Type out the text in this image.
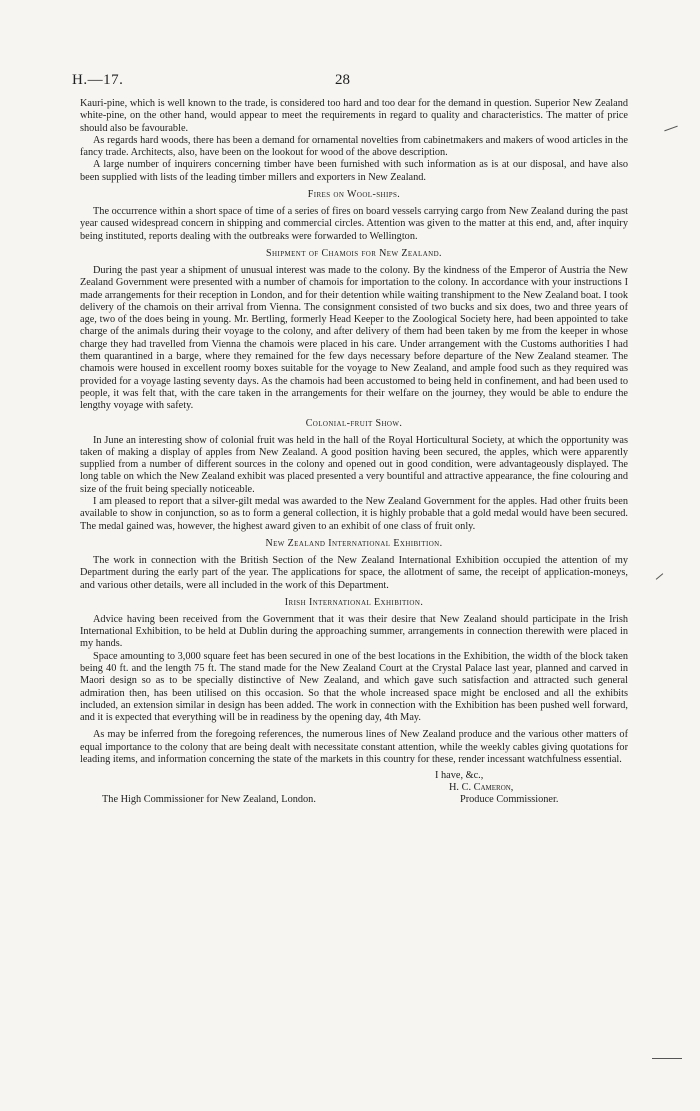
H.—17.	28

Kauri-pine, which is well known to the trade, is considered too hard and too dear for the demand in question. Superior New Zealand white-pine, on the other hand, would appear to meet the requirements in regard to quality and characteristics. The matter of price should also be favourable.

As regards hard woods, there has been a demand for ornamental novelties from cabinetmakers and makers of wood articles in the fancy trade. Architects, also, have been on the lookout for wood of the above description.

A large number of inquirers concerning timber have been furnished with such information as is at our disposal, and have also been supplied with lists of the leading timber millers and exporters in New Zealand.

Fires on Wool-ships.

The occurrence within a short space of time of a series of fires on board vessels carrying cargo from New Zealand during the past year caused widespread concern in shipping and commercial circles. Attention was given to the matter at this end, and, after inquiry being instituted, reports dealing with the outbreaks were forwarded to Wellington.

Shipment of Chamois for New Zealand.

During the past year a shipment of unusual interest was made to the colony. By the kindness of the Emperor of Austria the New Zealand Government were presented with a number of chamois for importation to the colony. In accordance with your instructions I made arrangements for their reception in London, and for their detention while waiting transhipment to the New Zealand boat. I took delivery of the chamois on their arrival from Vienna. The consignment consisted of two bucks and six does, two and three years of age, two of the does being in young. Mr. Bertling, formerly Head Keeper to the Zoological Society here, had been appointed to take charge of the animals during their voyage to the colony, and after delivery of them had been taken by me from the keeper in whose charge they had travelled from Vienna the chamois were placed in his care. Under arrangement with the Customs authorities I had them quarantined in a barge, where they remained for the few days necessary before departure of the New Zealand steamer. The chamois were housed in excellent roomy boxes suitable for the voyage to New Zealand, and ample food such as they required was provided for a voyage lasting seventy days. As the chamois had been accustomed to being held in confinement, and had been used to people, it was felt that, with the care taken in the arrangements for their welfare on the journey, they would be able to endure the lengthy voyage with safety.

Colonial-fruit Show.

In June an interesting show of colonial fruit was held in the hall of the Royal Horticultural Society, at which the opportunity was taken of making a display of apples from New Zealand. A good position having been secured, the apples, which were apparently supplied from a number of different sources in the colony and opened out in good condition, were advantageously displayed. The long table on which the New Zealand exhibit was placed presented a very bountiful and attractive appearance, the fine colouring and size of the fruit being specially noticeable.

I am pleased to report that a silver-gilt medal was awarded to the New Zealand Government for the apples. Had other fruits been available to show in conjunction, so as to form a general collection, it is highly probable that a gold medal would have been secured. The medal gained was, however, the highest award given to an exhibit of one class of fruit only.

New Zealand International Exhibition.

The work in connection with the British Section of the New Zealand International Exhibition occupied the attention of my Department during the early part of the year. The applications for space, the allotment of same, the receipt of application-moneys, and various other details, were all included in the work of this Department.

Irish International Exhibition.

Advice having been received from the Government that it was their desire that New Zealand should participate in the Irish International Exhibition, to be held at Dublin during the approaching summer, arrangements in connection therewith were placed in my hands.

Space amounting to 3,000 square feet has been secured in one of the best locations in the Exhibition, the width of the block taken being 40 ft. and the length 75 ft. The stand made for the New Zealand Court at the Crystal Palace last year, planned and carved in Maori design so as to be specially distinctive of New Zealand, and which gave such satisfaction and attracted such general admiration then, has been utilised on this occasion. So that the whole increased space might be enclosed and all the exhibits included, an extension similar in design has been added. The work in connection with the Exhibition has been pushed well forward, and it is expected that everything will be in readiness by the opening day, 4th May.

As may be inferred from the foregoing references, the numerous lines of New Zealand produce and the various other matters of equal importance to the colony that are being dealt with necessitate constant attention, while the weekly cables giving quotations for leading items, and information concerning the state of the markets in this country for these, render incessant watchfulness essential.

I have, &c.,
H. C. Cameron,
Produce Commissioner.
The High Commissioner for New Zealand, London.
